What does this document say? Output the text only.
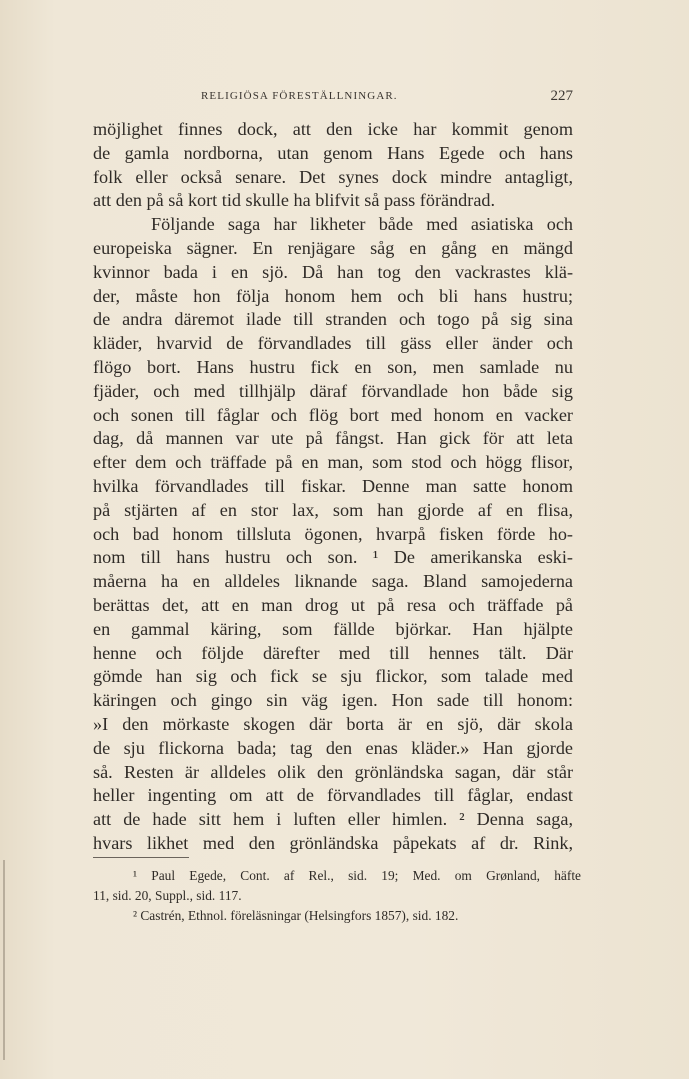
RELIGIÖSA FÖRESTÄLLNINGAR.	227
möjlighet finnes dock, att den icke har kommit genom
de gamla nordborna, utan genom Hans Egede och hans
folk eller också senare. Det synes dock mindre antagligt,
att den på så kort tid skulle ha blifvit så pass förändrad.
Följande saga har likheter både med asiatiska och
europeiska sägner. En renjägare såg en gång en mängd
kvinnor bada i en sjö. Då han tog den vackrastes klä-
der, måste hon följa honom hem och bli hans hustru;
de andra däremot ilade till stranden och togo på sig sina
kläder, hvarvid de förvandlades till gäss eller änder och
flögo bort. Hans hustru fick en son, men samlade nu
fjäder, och med tillhjälp däraf förvandlade hon både sig
och sonen till fåglar och flög bort med honom en vacker
dag, då mannen var ute på fångst. Han gick för att leta
efter dem och träffade på en man, som stod och högg flisor,
hvilka förvandlades till fiskar. Denne man satte honom
på stjärten af en stor lax, som han gjorde af en flisa,
och bad honom tillsluta ögonen, hvarpå fisken förde ho-
nom till hans hustru och son. ¹ De amerikanska eski-
måerna ha en alldeles liknande saga. Bland samojederna
berättas det, att en man drog ut på resa och träffade på
en gammal käring, som fällde björkar. Han hjälpte
henne och följde därefter med till hennes tält. Där
gömde han sig och fick se sju flickor, som talade med
käringen och gingo sin väg igen. Hon sade till honom:
»I den mörkaste skogen där borta är en sjö, där skola
de sju flickorna bada; tag den enas kläder.» Han gjorde
så. Resten är alldeles olik den grönländska sagan, där står
heller ingenting om att de förvandlades till fåglar, endast
att de hade sitt hem i luften eller himlen. ² Denna saga,
hvars likhet med den grönländska påpekats af dr. Rink,
¹ Paul Egede, Cont. af Rel., sid. 19; Med. om Grønland, häfte
11, sid. 20, Suppl., sid. 117.
² Castrén, Ethnol. föreläsningar (Helsingfors 1857), sid. 182.
